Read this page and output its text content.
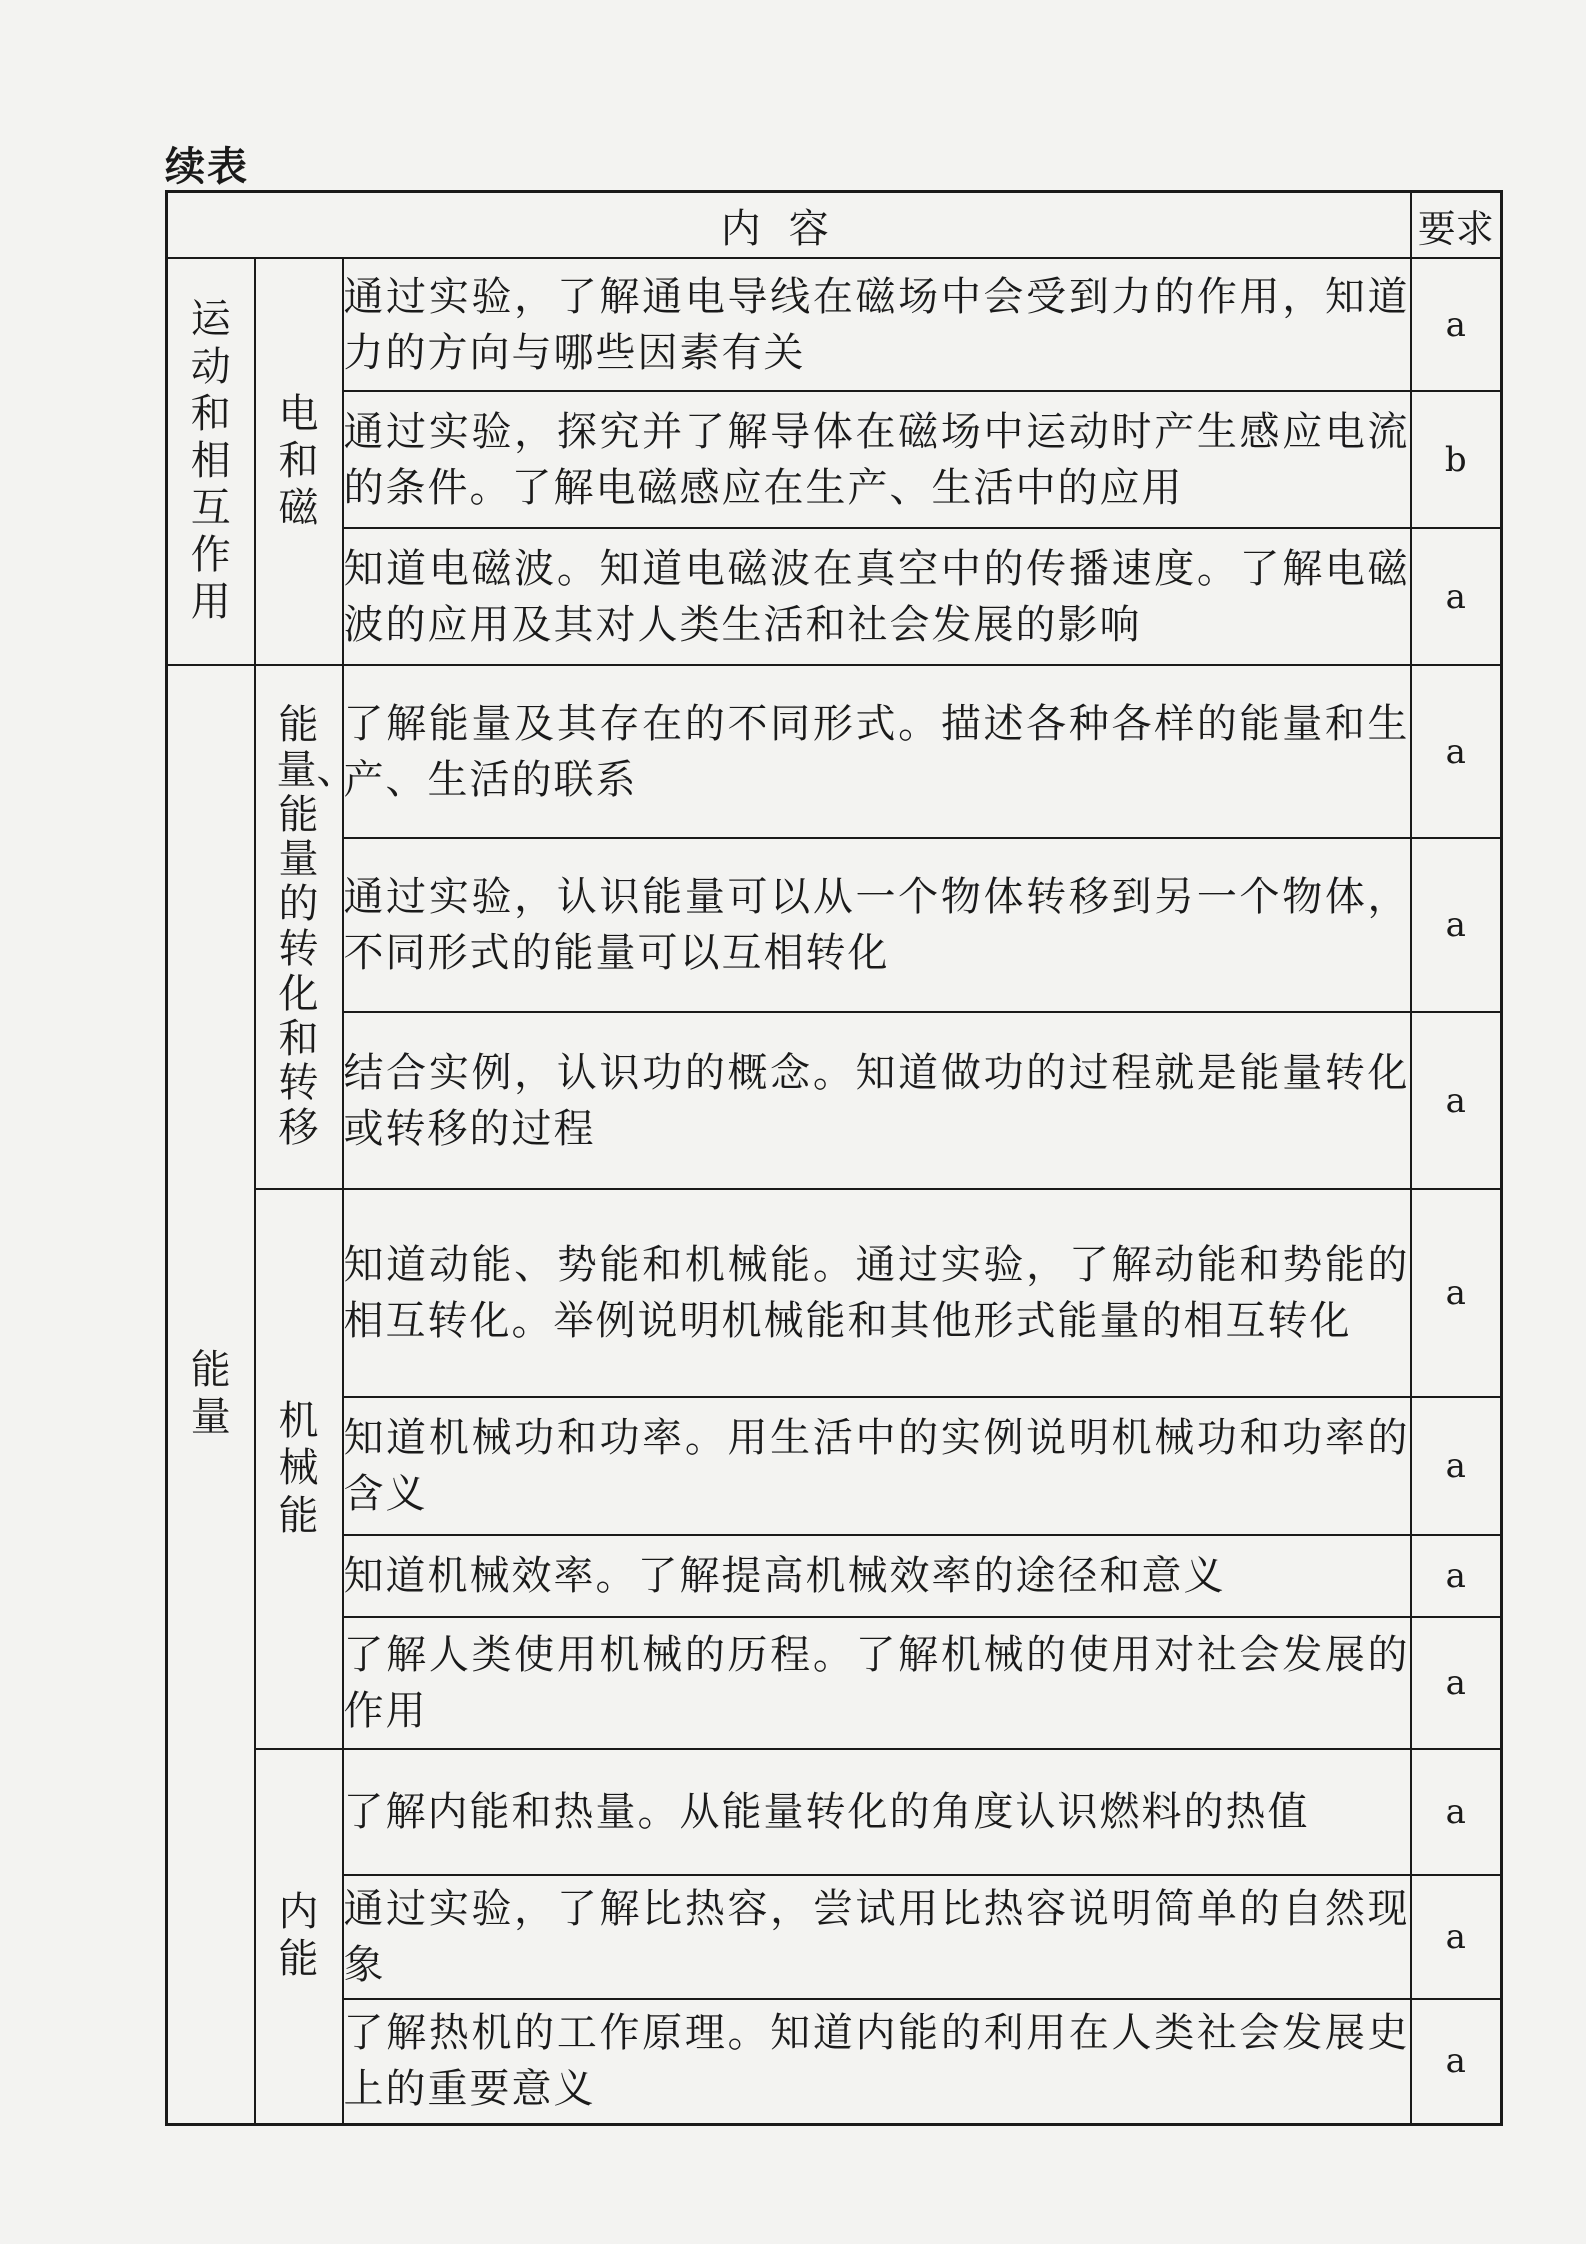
续表
内容			要求
运动和相互作用	电和磁	通过实验，了解通电导线在磁场中会受到力的作用，知道力的方向与哪些因素有关	a
		通过实验，探究并了解导体在磁场中运动时产生感应电流的条件。了解电磁感应在生产、生活中的应用	b
		知道电磁波。知道电磁波在真空中的传播速度。了解电磁波的应用及其对人类生活和社会发展的影响	a
能量	能量、能量的转化和转移	了解能量及其存在的不同形式。描述各种各样的能量和生产、生活的联系	a
		通过实验，认识能量可以从一个物体转移到另一个物体，不同形式的能量可以互相转化	a
		结合实例，认识功的概念。知道做功的过程就是能量转化或转移的过程	a
	机械能	知道动能、势能和机械能。通过实验，了解动能和势能的相互转化。举例说明机械能和其他形式能量的相互转化	a
		知道机械功和功率。用生活中的实例说明机械功和功率的含义	a
		知道机械效率。了解提高机械效率的途径和意义	a
		了解人类使用机械的历程。了解机械的使用对社会发展的作用	a
	内能	了解内能和热量。从能量转化的角度认识燃料的热值	a
		通过实验，了解比热容，尝试用比热容说明简单的自然现象	a
		了解热机的工作原理。知道内能的利用在人类社会发展史上的重要意义	a
